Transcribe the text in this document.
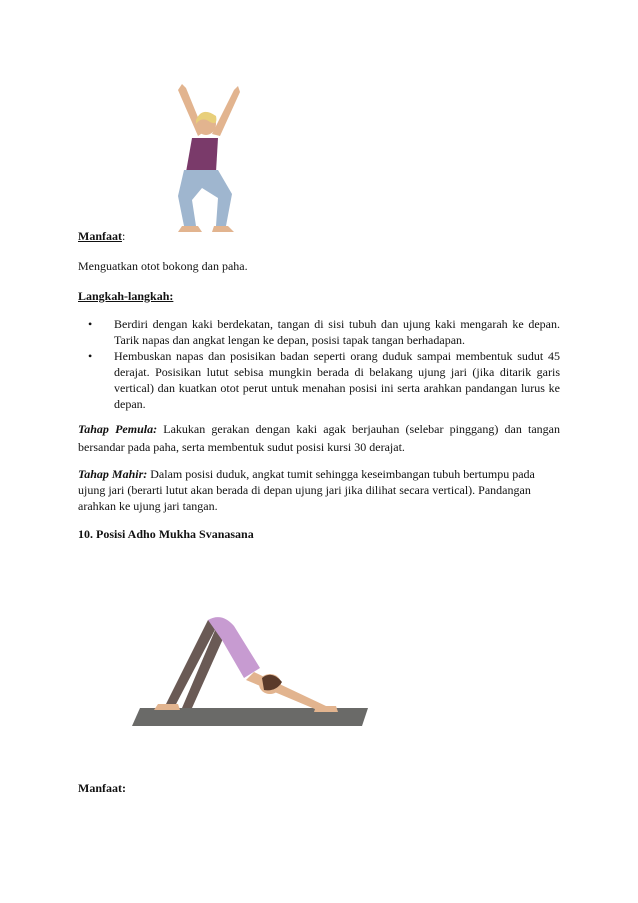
Manfaat:
Menguatkan otot bokong dan paha.
Langkah-langkah:
• Berdiri dengan kaki berdekatan, tangan di sisi tubuh dan ujung kaki mengarah ke depan. Tarik napas dan angkat lengan ke depan, posisi tapak tangan berhadapan.
• Hembuskan napas dan posisikan badan seperti orang duduk sampai membentuk sudut 45 derajat. Posisikan lutut sebisa mungkin berada di belakang ujung jari (jika ditarik garis vertical) dan kuatkan otot perut untuk menahan posisi ini serta arahkan pandangan lurus ke depan.
Tahap Pemula: Lakukan gerakan dengan kaki agak berjauhan (selebar pinggang) dan tangan bersandar pada paha, serta membentuk sudut posisi kursi 30 derajat.
Tahap Mahir: Dalam posisi duduk, angkat tumit sehingga keseimbangan tubuh bertumpu pada ujung jari (berarti lutut akan berada di depan ujung jari jika dilihat secara vertical). Pandangan arahkan ke ujung jari tangan.
10. Posisi Adho Mukha Svanasana
Manfaat:
